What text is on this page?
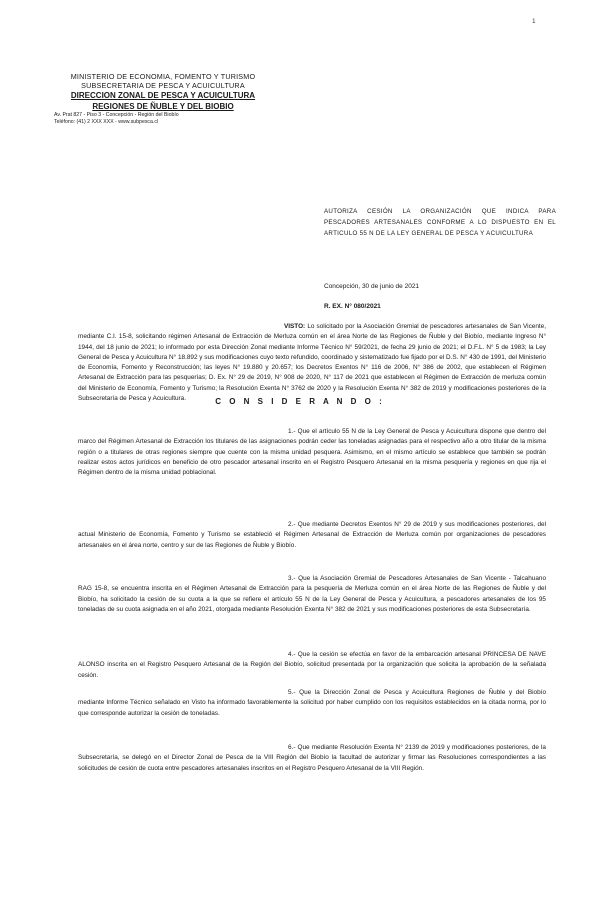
1
MINISTERIO DE ECONOMIA, FOMENTO Y TURISMO
SUBSECRETARIA DE PESCA Y ACUICULTURA
DIRECCION ZONAL DE PESCA Y ACUICULTURA
REGIONES DE ÑUBLE Y DEL BIOBIO
Av. Prat 827 - Piso 3 - Concepción - Región del Biobío
Teléfono: (41) 2 XXX XXX - www.subpesca.cl
AUTORIZA CESIÓN LA ORGANIZACIÓN QUE INDICA PARA PESCADORES ARTESANALES CONFORME A LO DISPUESTO EN EL ARTICULO 55 N DE LA LEY GENERAL DE PESCA Y ACUICULTURA
Concepción, 30 de junio de 2021
R. EX. N° 080/2021
VISTO: Lo solicitado por la Asociación Gremial de pescadores artesanales de San Vicente, mediante C.I. 15-8, solicitando régimen Artesanal de Extracción de Merluza común en el área Norte de las Regiones de Ñuble y del Biobío, mediante Ingreso N° 1944, del 18 junio de 2021; lo informado por esta Dirección Zonal mediante Informe Técnico N° 59/2021, de fecha 29 junio de 2021; el D.F.L. N° 5 de 1983; la Ley General de Pesca y Acuicultura N° 18.892 y sus modificaciones cuyo texto refundido, coordinado y sistematizado fue fijado por el D.S. N° 430 de 1991, del Ministerio de Economía, Fomento y Reconstrucción; las leyes N° 19.880 y 20.657; los Decretos Exentos N° 116 de 2006, N° 386 de 2002, que establecen el Régimen Artesanal de Extracción para las pesquerías; D. Ex. N° 29 de 2019, N° 908 de 2020, N° 117 de 2021 que establecen el Régimen de Extracción de merluza común del Ministerio de Economía, Fomento y Turismo; la Resolución Exenta N° 3762 de 2020 y la Resolución Exenta N° 382 de 2019 y modificaciones posteriores de la Subsecretaría de Pesca y Acuicultura.	C O N S I D E R A N D O :
1.- Que el artículo 55 N de la Ley General de Pesca y Acuicultura dispone que dentro del marco del Régimen Artesanal de Extracción los titulares de las asignaciones podrán ceder las toneladas asignadas para el respectivo año a otro titular de la misma región o a titulares de otras regiones siempre que cuente con la misma unidad pesquera. Asimismo, en el mismo artículo se establece que también se podrán realizar estos actos jurídicos en beneficio de otro pescador artesanal inscrito en el Registro Pesquero Artesanal en la misma pesquería y regiones en que rija el Régimen dentro de la misma unidad poblacional.
2.- Que mediante Decretos Exentos N° 29 de 2019 y sus modificaciones posteriores, del actual Ministerio de Economía, Fomento y Turismo se estableció el Régimen Artesanal de Extracción de Merluza común por organizaciones de pescadores artesanales en el área norte, centro y sur de las Regiones de Ñuble y Biobío.
3.- Que la Asociación Gremial de Pescadores Artesanales de San Vicente - Talcahuano RAG 15-8, se encuentra inscrita en el Régimen Artesanal de Extracción para la pesquería de Merluza común en el área Norte de las Regiones de Ñuble y del Biobío, ha solicitado la cesión de su cuota a la que se refiere el artículo 55 N de la Ley General de Pesca y Acuicultura, a pescadores artesanales de los 95 toneladas de su cuota asignada en el año 2021, otorgada mediante Resolución Exenta N° 382 de 2021 y sus modificaciones posteriores de esta Subsecretaría.
4.- Que la cesión se efectúa en favor de la embarcación artesanal PRINCESA DE NAVE ALONSO inscrita en el Registro Pesquero Artesanal de la Región del Biobío, solicitud presentada por la organización que solicita la aprobación de la señalada cesión.
5.- Que la Dirección Zonal de Pesca y Acuicultura Regiones de Ñuble y del Biobío mediante Informe Técnico señalado en Visto ha informado favorablemente la solicitud por haber cumplido con los requisitos establecidos en la citada norma, por lo que corresponde autorizar la cesión de toneladas.
6.- Que mediante Resolución Exenta N° 2139 de 2019 y modificaciones posteriores, de la Subsecretaría, se delegó en el Director Zonal de Pesca de la VIII Región del Biobío la facultad de autorizar y firmar las Resoluciones correspondientes a las solicitudes de cesión de cuota entre pescadores artesanales inscritos en el Registro Pesquero Artesanal de la VIII Región.
